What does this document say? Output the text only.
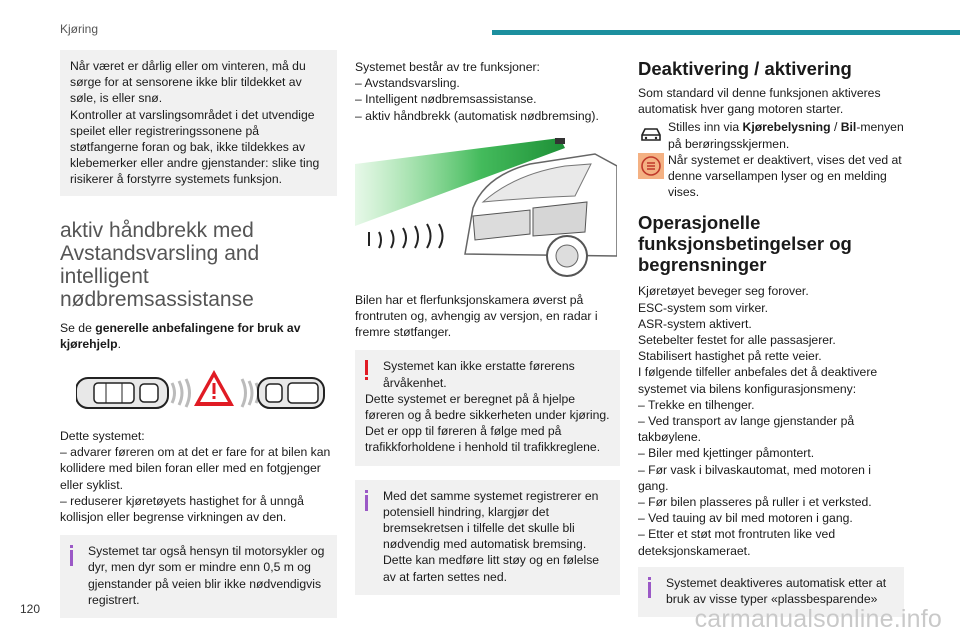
Kjøring

Når været er dårlig eller om vinteren, må du sørge for at sensorene ikke blir tildekket av søle, is eller snø.

Kontroller at varslingsområdet i det utvendige speilet eller registreringssonene på støtfangerne foran og bak, ikke tildekkes av klebemerker eller andre gjenstander: slike ting risikerer å forstyrre systemets funksjon.

aktiv håndbrekk med Avstandsvarsling and intelligent nødbremsassistanse

Se de generelle anbefalingene for bruk av kjørehjelp.

Dette systemet:

– advarer føreren om at det er fare for at bilen kan kollidere med bilen foran eller med en fotgjenger eller syklist.

– reduserer kjøretøyets hastighet for å unngå kollisjon eller begrense virkningen av den.

Systemet tar også hensyn til motorsykler og dyr, men dyr som er mindre enn 0,5 m og gjenstander på veien blir ikke nødvendigvis registrert.

Systemet består av tre funksjoner:

– Avstandsvarsling.

– Intelligent nødbremsassistanse.

– aktiv håndbrekk (automatisk nødbremsing).

Bilen har et flerfunksjonskamera øverst på frontruten og, avhengig av versjon, en radar i fremre støtfanger.

Systemet kan ikke erstatte førerens årvåkenhet.

Dette systemet er beregnet på å hjelpe føreren og å bedre sikkerheten under kjøring. Det er opp til føreren å følge med på trafikkforholdene i henhold til trafikkreglene.

Med det samme systemet registrerer en potensiell hindring, klargjør det bremsekretsen i tilfelle det skulle bli nødvendig med automatisk bremsing. Dette kan medføre litt støy og en følelse av at farten settes ned.

Deaktivering / aktivering

Som standard vil denne funksjonen aktiveres automatisk hver gang motoren starter.

Stilles inn via Kjørebelysning / Bil-menyen på berøringsskjermen.

Når systemet er deaktivert, vises det ved at denne varsellampen lyser og en melding vises.

Operasjonelle funksjonsbetingelser og begrensninger

Kjøretøyet beveger seg forover.

ESC-system som virker.

ASR-system aktivert.

Setebelter festet for alle passasjerer.

Stabilisert hastighet på rette veier.

I følgende tilfeller anbefales det å deaktivere systemet via bilens konfigurasjonsmeny:

– Trekke en tilhenger.

– Ved transport av lange gjenstander på takbøylene.

– Biler med kjettinger påmontert.

– Før vask i bilvaskautomat, med motoren i gang.

– Før bilen plasseres på ruller i et verksted.

– Ved tauing av bil med motoren i gang.

– Etter et støt mot frontruten like ved deteksjonskameraet.

Systemet deaktiveres automatisk etter at bruk av visse typer «plassbesparende»

120	carmanualsonline.info
